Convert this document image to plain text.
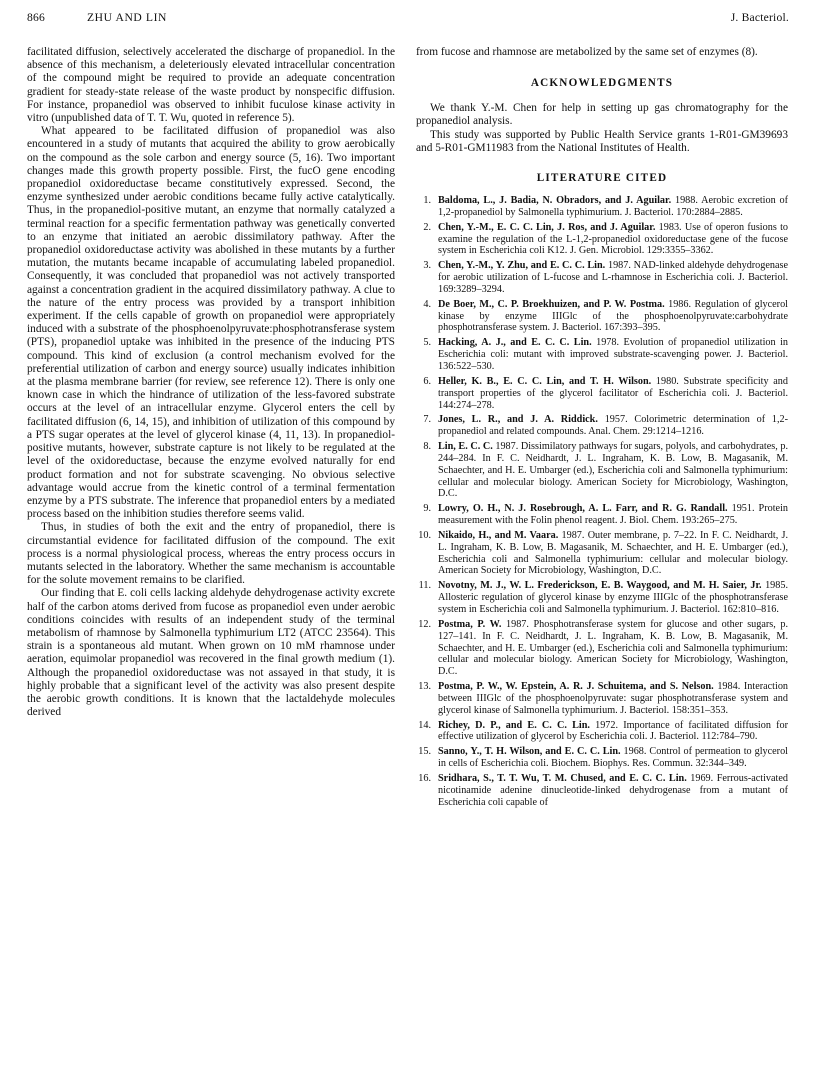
866	ZHU AND LIN	J. Bacteriol.

facilitated diffusion, selectively accelerated the discharge of propanediol. In the absence of this mechanism, a deleteriously elevated intracellular concentration of the compound might be required to provide an adequate concentration gradient for steady-state release of the waste product by nonspecific diffusion. For instance, propanediol was observed to inhibit fuculose kinase activity in vitro (unpublished data of T. T. Wu, quoted in reference 5).

What appeared to be facilitated diffusion of propanediol was also encountered in a study of mutants that acquired the ability to grow aerobically on the compound as the sole carbon and energy source (5, 16). Two important changes made this growth property possible. First, the fucO gene encoding propanediol oxidoreductase became constitutively expressed. Second, the enzyme synthesized under aerobic conditions became fully active catalytically. Thus, in the propanediol-positive mutant, an enzyme that normally catalyzed a terminal reaction for a specific fermentation pathway was genetically converted to an enzyme that initiated an aerobic dissimilatory pathway. After the propanediol oxidoreductase activity was abolished in these mutants by a further mutation, the mutants became incapable of accumulating labeled propanediol. Consequently, it was concluded that propanediol was not actively transported against a concentration gradient in the acquired dissimilatory pathway. A clue to the nature of the entry process was provided by a transport inhibition experiment. If the cells capable of growth on propanediol were appropriately induced with a substrate of the phosphoenolpyruvate:phosphotransferase system (PTS), propanediol uptake was inhibited in the presence of the inducing PTS compound. This kind of exclusion (a control mechanism evolved for the preferential utilization of carbon and energy source) usually indicates inhibition at the plasma membrane barrier (for review, see reference 12). There is only one known case in which the hindrance of utilization of the less-favored substrate occurs at the level of an intracellular enzyme. Glycerol enters the cell by facilitated diffusion (6, 14, 15), and inhibition of utilization of this compound by a PTS sugar operates at the level of glycerol kinase (4, 11, 13). In propanediol-positive mutants, however, substrate capture is not likely to be regulated at the level of the oxidoreductase, because the enzyme evolved naturally for end product formation and not for substrate scavenging. No obvious selective advantage would accrue from the kinetic control of a terminal fermentation enzyme by a PTS substrate. The inference that propanediol enters by a mediated process based on the inhibition studies therefore seems valid.

Thus, in studies of both the exit and the entry of propanediol, there is circumstantial evidence for facilitated diffusion of the compound. The exit process is a normal physiological process, whereas the entry process occurs in mutants selected in the laboratory. Whether the same mechanism is accountable for the solute movement remains to be clarified.

Our finding that E. coli cells lacking aldehyde dehydrogenase activity excrete half of the carbon atoms derived from fucose as propanediol even under aerobic conditions coincides with results of an independent study of the terminal metabolism of rhamnose by Salmonella typhimurium LT2 (ATCC 23564). This strain is a spontaneous ald mutant. When grown on 10 mM rhamnose under aeration, equimolar propanediol was recovered in the final growth medium (1). Although the propanediol oxidoreductase was not assayed in that study, it is highly probable that a significant level of the activity was also present despite the aerobic growth conditions. It is known that the lactaldehyde molecules derived

from fucose and rhamnose are metabolized by the same set of enzymes (8).

ACKNOWLEDGMENTS

We thank Y.-M. Chen for help in setting up gas chromatography for the propanediol analysis.

This study was supported by Public Health Service grants 1-R01-GM39693 and 5-R01-GM11983 from the National Institutes of Health.

LITERATURE CITED
1. Baldoma, L., J. Badia, N. Obradors, and J. Aguilar. 1988. Aerobic excretion of 1,2-propanediol by Salmonella typhimurium. J. Bacteriol. 170:2884–2885.
2. Chen, Y.-M., E. C. C. Lin, J. Ros, and J. Aguilar. 1983. Use of operon fusions to examine the regulation of the L-1,2-propanediol oxidoreductase gene of the fucose system in Escherichia coli K12. J. Gen. Microbiol. 129:3355–3362.
3. Chen, Y.-M., Y. Zhu, and E. C. C. Lin. 1987. NAD-linked aldehyde dehydrogenase for aerobic utilization of L-fucose and L-rhamnose in Escherichia coli. J. Bacteriol. 169:3289–3294.
4. De Boer, M., C. P. Broekhuizen, and P. W. Postma. 1986. Regulation of glycerol kinase by enzyme IIIGlc of the phosphoenolpyruvate:carbohydrate phosphotransferase system. J. Bacteriol. 167:393–395.
5. Hacking, A. J., and E. C. C. Lin. 1978. Evolution of propanediol utilization in Escherichia coli: mutant with improved substrate-scavenging power. J. Bacteriol. 136:522–530.
6. Heller, K. B., E. C. C. Lin, and T. H. Wilson. 1980. Substrate specificity and transport properties of the glycerol facilitator of Escherichia coli. J. Bacteriol. 144:274–278.
7. Jones, L. R., and J. A. Riddick. 1957. Colorimetric determination of 1,2-propanediol and related compounds. Anal. Chem. 29:1214–1216.
8. Lin, E. C. C. 1987. Dissimilatory pathways for sugars, polyols, and carbohydrates, p. 244–284. In F. C. Neidhardt, J. L. Ingraham, K. B. Low, B. Magasanik, M. Schaechter, and H. E. Umbarger (ed.), Escherichia coli and Salmonella typhimurium: cellular and molecular biology. American Society for Microbiology, Washington, D.C.
9. Lowry, O. H., N. J. Rosebrough, A. L. Farr, and R. G. Randall. 1951. Protein measurement with the Folin phenol reagent. J. Biol. Chem. 193:265–275.
10. Nikaido, H., and M. Vaara. 1987. Outer membrane, p. 7–22. In F. C. Neidhardt, J. L. Ingraham, K. B. Low, B. Magasanik, M. Schaechter, and H. E. Umbarger (ed.), Escherichia coli and Salmonella typhimurium: cellular and molecular biology. American Society for Microbiology, Washington, D.C.
11. Novotny, M. J., W. L. Frederickson, E. B. Waygood, and M. H. Saier, Jr. 1985. Allosteric regulation of glycerol kinase by enzyme IIIGlc of the phosphotransferase system in Escherichia coli and Salmonella typhimurium. J. Bacteriol. 162:810–816.
12. Postma, P. W. 1987. Phosphotransferase system for glucose and other sugars, p. 127–141. In F. C. Neidhardt, J. L. Ingraham, K. B. Low, B. Magasanik, M. Schaechter, and H. E. Umbarger (ed.), Escherichia coli and Salmonella typhimurium: cellular and molecular biology. American Society for Microbiology, Washington, D.C.
13. Postma, P. W., W. Epstein, A. R. J. Schuitema, and S. Nelson. 1984. Interaction between IIIGlc of the phosphoenolpyruvate: sugar phosphotransferase system and glycerol kinase of Salmonella typhimurium. J. Bacteriol. 158:351–353.
14. Richey, D. P., and E. C. C. Lin. 1972. Importance of facilitated diffusion for effective utilization of glycerol by Escherichia coli. J. Bacteriol. 112:784–790.
15. Sanno, Y., T. H. Wilson, and E. C. C. Lin. 1968. Control of permeation to glycerol in cells of Escherichia coli. Biochem. Biophys. Res. Commun. 32:344–349.
16. Sridhara, S., T. T. Wu, T. M. Chused, and E. C. C. Lin. 1969. Ferrous-activated nicotinamide adenine dinucleotide-linked dehydrogenase from a mutant of Escherichia coli capable of
